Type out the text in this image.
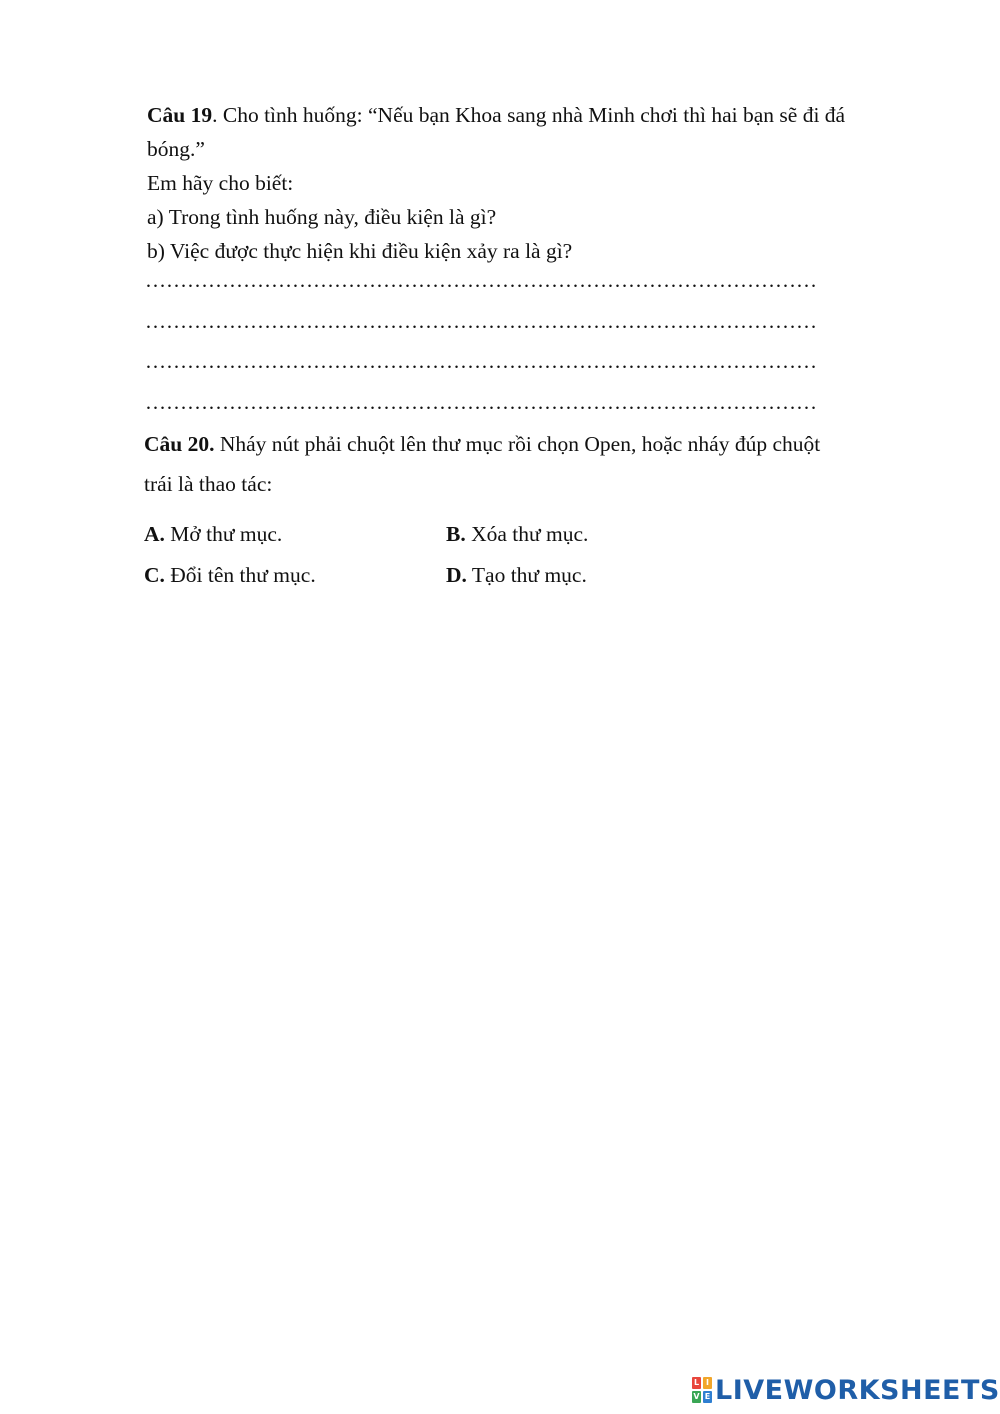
Câu 19. Cho tình huống: “Nếu bạn Khoa sang nhà Minh chơi thì hai bạn sẽ đi đá

bóng.”

Em hãy cho biết:

a) Trong tình huống này, điều kiện là gì?

b) Việc được thực hiện khi điều kiện xảy ra là gì?

……………………………………………………………………………………
……………………………………………………………………………………
……………………………………………………………………………………
……………………………………………………………………………………

Câu 20. Nháy nút phải chuột lên thư mục rồi chọn Open, hoặc nháy đúp chuột

trái là thao tác:

A. Mở thư mục.	B. Xóa thư mục.
C. Đổi tên thư mục.	D. Tạo thư mục.
L I
V E LIVEWORKSHEETS
